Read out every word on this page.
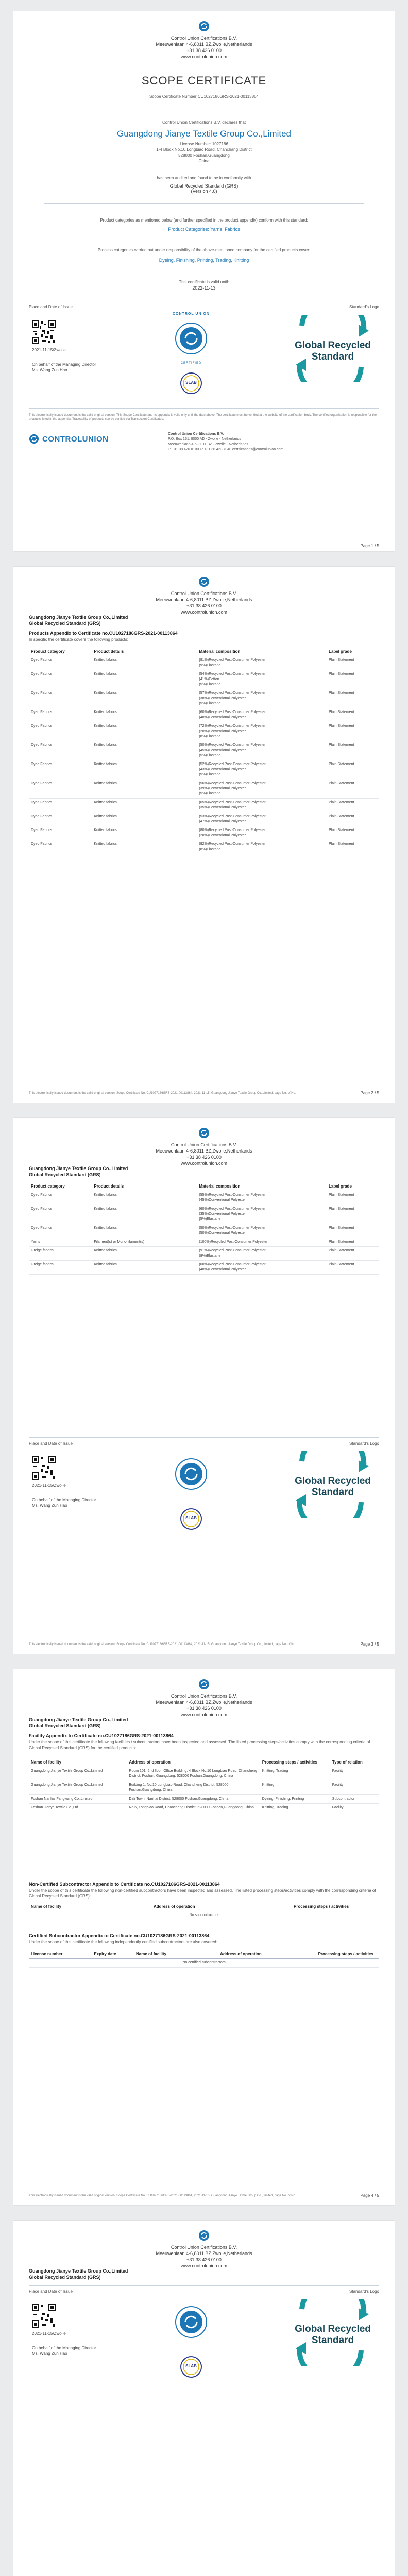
Control Union Certifications B.V.
Meeuwenlaan 4-6,8011 BZ,Zwolle,Netherlands
+31 38 426 0100
www.controlunion.com
SCOPE CERTIFICATE
Scope Certificate Number CU1027186GRS-2021-00113864
Control Union Certifications B.V. declares that
Guangdong Jianye Textile Group Co.,Limited
License Number: 1027186
1-4 Block No.10,Longbiao Road, Chanchang District
528000 Foshan,Guangdong
China
has been audited and found to be in conformity with
Global Recycled Standard (GRS)
(Version 4.0)
Product categories as mentioned below (and further specified in the product appendix) conform with this standard:
Product Categories: Yarns, Fabrics
Process categories carried out under responsibility of the above-mentioned company for the certified products cover:
Dyeing, Finishing, Printing, Trading, Knitting
This certificate is valid until:
2022-11-13
Place and Date of Issue	Standard's Logo
2021-11-15/Zwolle
On behalf of the Managing Director
Ms. Wang Zun Hao
CONTROL UNION
CERTIFIED
SLAB
Global Recycled
Standard
This electronically issued document is the valid original version. This Scope Certificate and its appendix is valid only until the date above. The certificate must be verified at the website of the certification body. The certified organization is responsible for the products listed in the appendix. Traceability of products can be verified via Transaction Certificates.
CONTROLUNION
Control Union Certifications B.V.
P.O. Box 161, 8000 AD - Zwolle - Netherlands
Meeuwenlaan 4-6, 8011 BZ - Zwolle - Netherlands
T: +31 38 426 0100 F: +31 38 423 7040 certifications@controlunion.com
Page 1 / 5
Control Union Certifications B.V.
Meeuwenlaan 4-6,8011 BZ,Zwolle,Netherlands
+31 38 426 0100
www.controlunion.com
Guangdong Jianye Textile Group Co.,Limited
Global Recycled Standard (GRS)
Products Appendix to Certificate no.CU1027186GRS-2021-00113864
In specific the certificate covers the following products:
Product category	Product details	Material composition	Label grade
Dyed Fabrics	Knitted fabrics	(91%)Recycled Post-Consumer Polyester
(9%)Elastane	Plain Statement
Dyed Fabrics	Knitted fabrics	(54%)Recycled Post-Consumer Polyester
(41%)Cotton
(5%)Elastane	Plain Statement
Dyed Fabrics	Knitted fabrics	(57%)Recycled Post-Consumer Polyester
(38%)Conventional Polyester
(5%)Elastane	Plain Statement
Dyed Fabrics	Knitted fabrics	(60%)Recycled Post-Consumer Polyester
(40%)Conventional Polyester	Plain Statement
Dyed Fabrics	Knitted fabrics	(72%)Recycled Post-Consumer Polyester
(20%)Conventional Polyester
(8%)Elastane	Plain Statement
Dyed Fabrics	Knitted fabrics	(50%)Recycled Post-Consumer Polyester
(45%)Conventional Polyester
(5%)Elastane	Plain Statement
Dyed Fabrics	Knitted fabrics	(52%)Recycled Post-Consumer Polyester
(43%)Conventional Polyester
(5%)Elastane	Plain Statement
Dyed Fabrics	Knitted fabrics	(56%)Recycled Post-Consumer Polyester
(39%)Conventional Polyester
(5%)Elastane	Plain Statement
Dyed Fabrics	Knitted fabrics	(65%)Recycled Post-Consumer Polyester
(35%)Conventional Polyester	Plain Statement
Dyed Fabrics	Knitted fabrics	(53%)Recycled Post-Consumer Polyester
(47%)Conventional Polyester	Plain Statement
Dyed Fabrics	Knitted fabrics	(80%)Recycled Post-Consumer Polyester
(20%)Conventional Polyester	Plain Statement
Dyed Fabrics	Knitted fabrics	(92%)Recycled Post-Consumer Polyester
(8%)Elastane	Plain Statement
This electronically issued document is the valid original version. Scope Certificate No. CU1027186GRS-2021-00113864, 2021-11-15, Guangdong Jianye Textile Group Co.,Limited, page No. of No.	Page 2 / 5
Control Union Certifications B.V.
Meeuwenlaan 4-6,8011 BZ,Zwolle,Netherlands
+31 38 426 0100
www.controlunion.com
Guangdong Jianye Textile Group Co.,Limited
Global Recycled Standard (GRS)
Product category	Product details	Material composition	Label grade
Dyed Fabrics	Knitted fabrics	(55%)Recycled Post-Consumer Polyester
(45%)Conventional Polyester	Plain Statement
Dyed Fabrics	Knitted fabrics	(60%)Recycled Post-Consumer Polyester
(35%)Conventional Polyester
(5%)Elastane	Plain Statement
Dyed Fabrics	Knitted fabrics	(50%)Recycled Post-Consumer Polyester
(50%)Conventional Polyester	Plain Statement
Yarns	Filament(s) or Mono-filament(s)	(100%)Recycled Post-Consumer Polyester	Plain Statement
Greige fabrics	Knitted fabrics	(91%)Recycled Post-Consumer Polyester
(9%)Elastane	Plain Statement
Greige fabrics	Knitted fabrics	(60%)Recycled Post-Consumer Polyester
(40%)Conventional Polyester	Plain Statement
Place and Date of Issue	Standard's Logo
2021-11-15/Zwolle
On behalf of the Managing Director
Ms. Wang Zun Hao
SLAB
Global Recycled
Standard
This electronically issued document is the valid original version. Scope Certificate No. CU1027186GRS-2021-00113864, 2021-11-15, Guangdong Jianye Textile Group Co.,Limited, page No. of No.	Page 3 / 5
Control Union Certifications B.V.
Meeuwenlaan 4-6,8011 BZ,Zwolle,Netherlands
+31 38 426 0100
www.controlunion.com
Guangdong Jianye Textile Group Co.,Limited
Global Recycled Standard (GRS)
Facility Appendix to Certificate no.CU1027186GRS-2021-00113864
Under the scope of this certificate the following facilities / subcontractors have been inspected and assessed. The listed processing steps/activities comply with the corresponding criteria of Global Recycled Standard (GRS) for the certified products:
Name of facility	Address of operation	Processing steps / activities	Type of relation
Guangdong Jianye Textile Group Co.,Limited	Room 101, 2nd floor, Office Building, 4 Block No.10 Longbiao Road, Chancheng District, Foshan, Guangdong, 528000 Foshan,Guangdong, China	Knitting, Trading	Facility
Guangdong Jianye Textile Group Co.,Limited	Building 1, No.10 Longbiao Road, Chancheng District, 528000 Foshan,Guangdong, China	Knitting	Facility
Foshan Nanhai Fangwang Co.,Limited	Dali Town, Nanhai District, 528000 Foshan,Guangdong, China	Dyeing, Finishing, Printing	Subcontractor
Foshan Jianye Textile Co.,Ltd	No.6, Longbiao Road, Chancheng District, 528000 Foshan,Guangdong, China	Knitting, Trading	Facility
Non-Certified Subcontractor Appendix to Certificate no.CU1027186GRS-2021-00113864
Under the scope of this certificate the following non-certified subcontractors have been inspected and assessed. The listed processing steps/activities comply with the corresponding criteria of Global Recycled Standard (GRS):
Name of facility	Address of operation	Processing steps / activities
No subcontractors
Certified Subcontractor Appendix to Certificate no.CU1027186GRS-2021-00113864
Under the scope of this certificate the following independently certified subcontractors are also covered:
License number	Expiry date	Name of facility	Address of operation	Processing steps / activities
No certified subcontractors
This electronically issued document is the valid original version. Scope Certificate No. CU1027186GRS-2021-00113864, 2021-11-15, Guangdong Jianye Textile Group Co.,Limited, page No. of No.	Page 4 / 5
Control Union Certifications B.V.
Meeuwenlaan 4-6,8011 BZ,Zwolle,Netherlands
+31 38 426 0100
www.controlunion.com
Guangdong Jianye Textile Group Co.,Limited
Global Recycled Standard (GRS)
Place and Date of Issue	Standard's Logo
2021-11-15/Zwolle
On behalf of the Managing Director
Ms. Wang Zun Hao
SLAB
Global Recycled
Standard
